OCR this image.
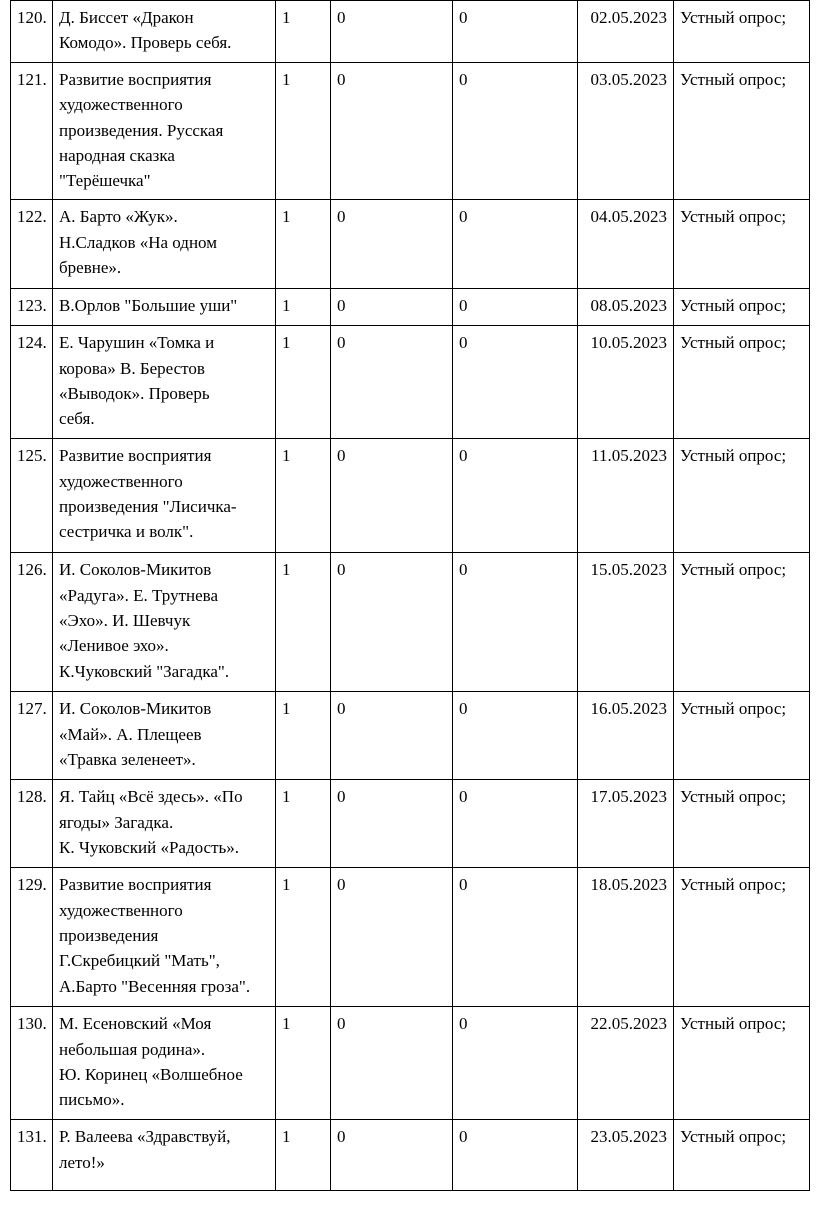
120.	Д. Биссет «Дракон
Комодо». Проверь себя.	1	0	0	02.05.2023	Устный опрос;
121.	Развитие восприятия
художественного
произведения. Русская
народная сказка
"Терёшечка"	1	0	0	03.05.2023	Устный опрос;
122.	А. Барто «Жук».
Н.Сладков «На одном
бревне».	1	0	0	04.05.2023	Устный опрос;
123.	В.Орлов "Большие уши"	1	0	0	08.05.2023	Устный опрос;
124.	Е. Чарушин «Томка и
корова» В. Берестов
«Выводок». Проверь
себя.	1	0	0	10.05.2023	Устный опрос;
125.	Развитие восприятия
художественного
произведения "Лисичка-
сестричка и волк".	1	0	0	11.05.2023	Устный опрос;
126.	И. Соколов-Микитов
«Радуга». Е. Трутнева
«Эхо». И. Шевчук
«Ленивое эхо».
К.Чуковский "Загадка".	1	0	0	15.05.2023	Устный опрос;
127.	И. Соколов-Микитов
«Май». А. Плещеев
«Травка зеленеет».	1	0	0	16.05.2023	Устный опрос;
128.	Я. Тайц «Всё здесь». «По
ягоды» Загадка.
К. Чуковский «Радость».	1	0	0	17.05.2023	Устный опрос;
129.	Развитие восприятия
художественного
произведения
Г.Скребицкий "Мать",
А.Барто "Весенняя гроза".	1	0	0	18.05.2023	Устный опрос;
130.	М. Есеновский «Моя
небольшая родина».
Ю. Коринец «Волшебное
письмо».	1	0	0	22.05.2023	Устный опрос;
131.	Р. Валеева «Здравствуй,
лето!»	1	0	0	23.05.2023	Устный опрос;
